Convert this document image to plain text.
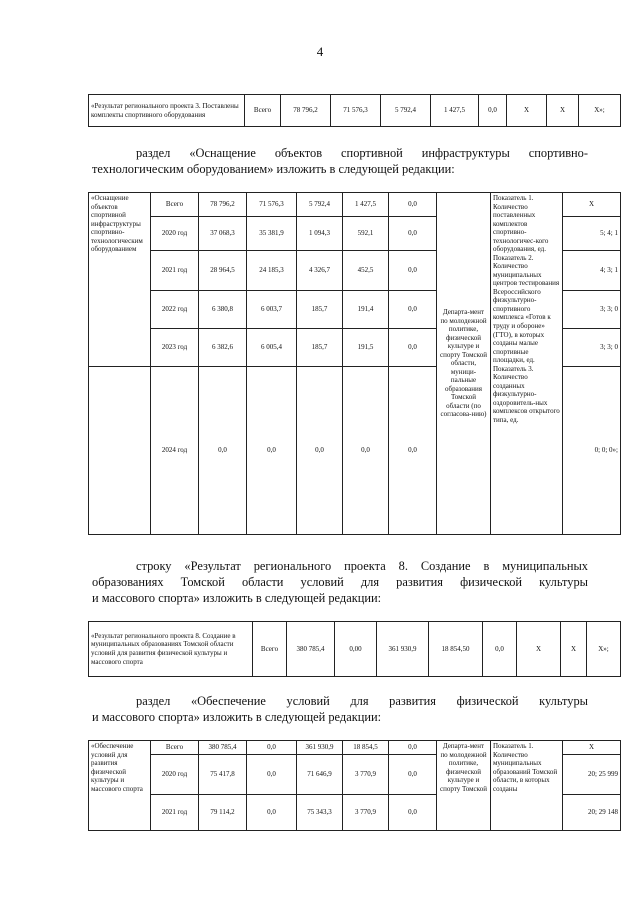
4
«Результат регионального проекта 3. Поставлены комплекты спортивного оборудования	Всего	78 796,2	71 576,3	5 792,4	1 427,5	0,0	Х	Х	Х»;
раздел «Оснащение объектов спортивной инфраструктуры спортивно-
технологическим оборудованием» изложить в следующей редакции:
«Оснащение объектов спортивной инфраструктуры спортивно-технологическим оборудованием	Всего	78 796,2	71 576,3	5 792,4	1 427,5	0,0	Департа-мент по молодежной политике, физической культуре и спорту Томской области, муници-пальные образования Томской области (по согласова-нию)	Показатель 1. Количество поставленных комплектов спортивно-технологичес-кого оборудования, ед. Показатель 2. Количество муниципальных центров тестирования Всероссийского физкультурно-спортивного комплекса «Готов к труду и обороне» (ГТО), в которых созданы малые спортивные площадки, ед. Показатель 3. Количество созданных физкультурно-оздоровитель-ных комплексов открытого типа, ед.	Х
	2020 год	37 068,3	35 381,9	1 094,3	592,1	0,0			5; 4; 1
	2021 год	28 964,5	24 185,3	4 326,7	452,5	0,0			4; 3; 1
	2022 год	6 380,8	6 003,7	185,7	191,4	0,0			3; 3; 0
	2023 год	6 382,6	6 005,4	185,7	191,5	0,0			3; 3; 0
	2024 год	0,0	0,0	0,0	0,0	0,0			0; 0; 0»;
строку «Результат регионального проекта 8. Создание в муниципальных
образованиях Томской области условий для развития физической культуры
и массового спорта» изложить в следующей редакции:
«Результат регионального проекта 8. Создание в муниципальных образованиях Томской области условий для развития физической культуры и массового спорта	Всего	380 785,4	0,00	361 930,9	18 854,50	0,0	Х	Х	Х»;
раздел «Обеспечение условий для развития физической культуры
и массового спорта» изложить в следующей редакции:
«Обеспечение условий для развития физической культуры и массового спорта	Всего	380 785,4	0,0	361 930,9	18 854,5	0,0	Департа-мент по молодежной политике, физической культуре и спорту Томской	Показатель 1. Количество муниципальных образований Томской области, в которых созданы	Х
	2020 год	75 417,8	0,0	71 646,9	3 770,9	0,0			20; 25 999
	2021 год	79 114,2	0,0	75 343,3	3 770,9	0,0			20; 29 148
